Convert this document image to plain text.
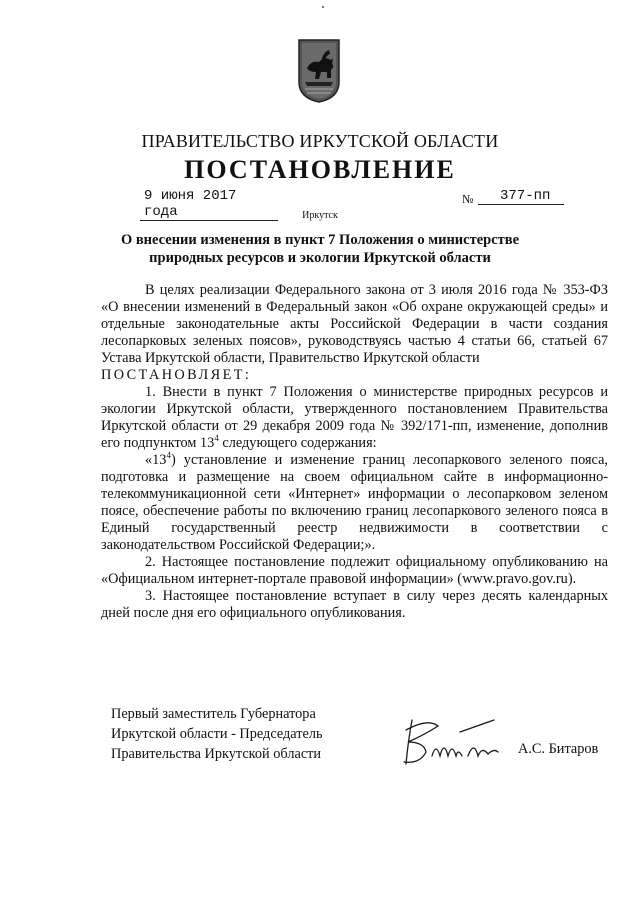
ПРАВИТЕЛЬСТВО ИРКУТСКОЙ ОБЛАСТИ
ПОСТАНОВЛЕНИЕ
9 июня 2017 года
№	377-пп
Иркутск
О внесении изменения в пункт 7 Положения о министерстве природных ресурсов и экологии Иркутской области

В целях реализации Федерального закона от 3 июля 2016 года № 353-ФЗ «О внесении изменений в Федеральный закон «Об охране окружающей среды» и отдельные законодательные акты Российской Федерации в части создания лесопарковых зеленых поясов», руководствуясь частью 4 статьи 66, статьей 67 Устава Иркутской области, Правительство Иркутской области

ПОСТАНОВЛЯЕТ:

1. Внести в пункт 7 Положения о министерстве природных ресурсов и экологии Иркутской области, утвержденного постановлением Правительства Иркутской области от 29 декабря 2009 года № 392/171-пп, изменение, дополнив его подпунктом $13^4$ следующего содержания:

«$13^4$) установление и изменение границ лесопаркового зеленого пояса, подготовка и размещение на своем официальном сайте в информационно-телекоммуникационной сети «Интернет» информации о лесопарковом зеленом поясе, обеспечение работы по включению границ лесопаркового зеленого пояса в Единый государственный реестр недвижимости в соответствии с законодательством Российской Федерации;».

2. Настоящее постановление подлежит официальному опубликованию на «Официальном интернет-портале правовой информации» (www.pravo.gov.ru).

3. Настоящее постановление вступает в силу через десять календарных дней после дня его официального опубликования.

Первый заместитель Губернатора
Иркутской области - Председатель
Правительства Иркутской области	А.С. Битаров
